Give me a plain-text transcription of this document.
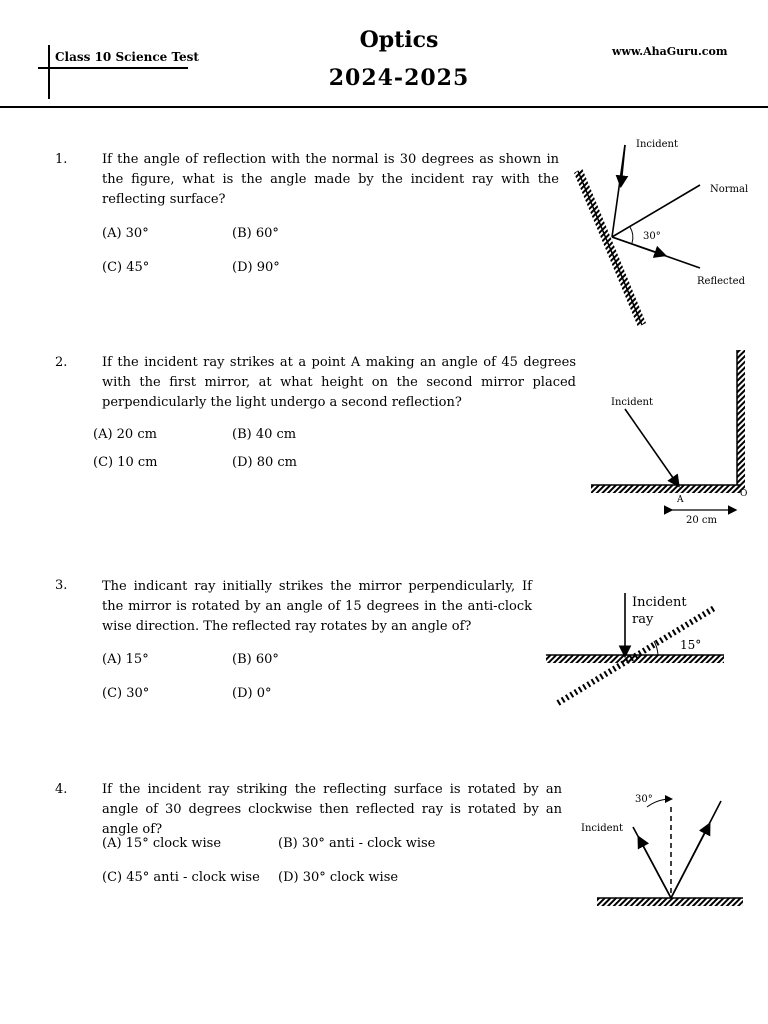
Class 10 Science Test
Optics
2024-2025
www.AhaGuru.com
1.	If the angle of reflection with the normal is 30 degrees as shown in the figure, what is the angle made by the incident ray with the reflecting surface?
(A) 30°	(B) 60°
(C) 45°	(D) 90°
Incident
Normal
Reflected
30°
2.	If the incident ray strikes at a point A making an angle of 45 degrees with the first mirror, at what height on the second mirror placed perpendicularly the light undergo a second reflection?
(A) 20 cm	(B) 40 cm
(C) 10 cm	(D) 80 cm
Incident
A
O
20 cm
3.	The indicant ray initially strikes the mirror perpendicularly, If the mirror is rotated by an angle of 15 degrees in the anti-clock wise direction. The reflected ray rotates by an angle of?
(A) 15°	(B) 60°
(C) 30°	(D) 0°
Incident
ray
15°
4.	If the incident ray striking the reflecting surface is rotated by an angle of 30 degrees clockwise then reflected ray is rotated by an angle of?
(A) 15° clock wise	(B) 30° anti - clock wise
(C) 45° anti - clock wise (D) 30° clock wise
30°
Incident
